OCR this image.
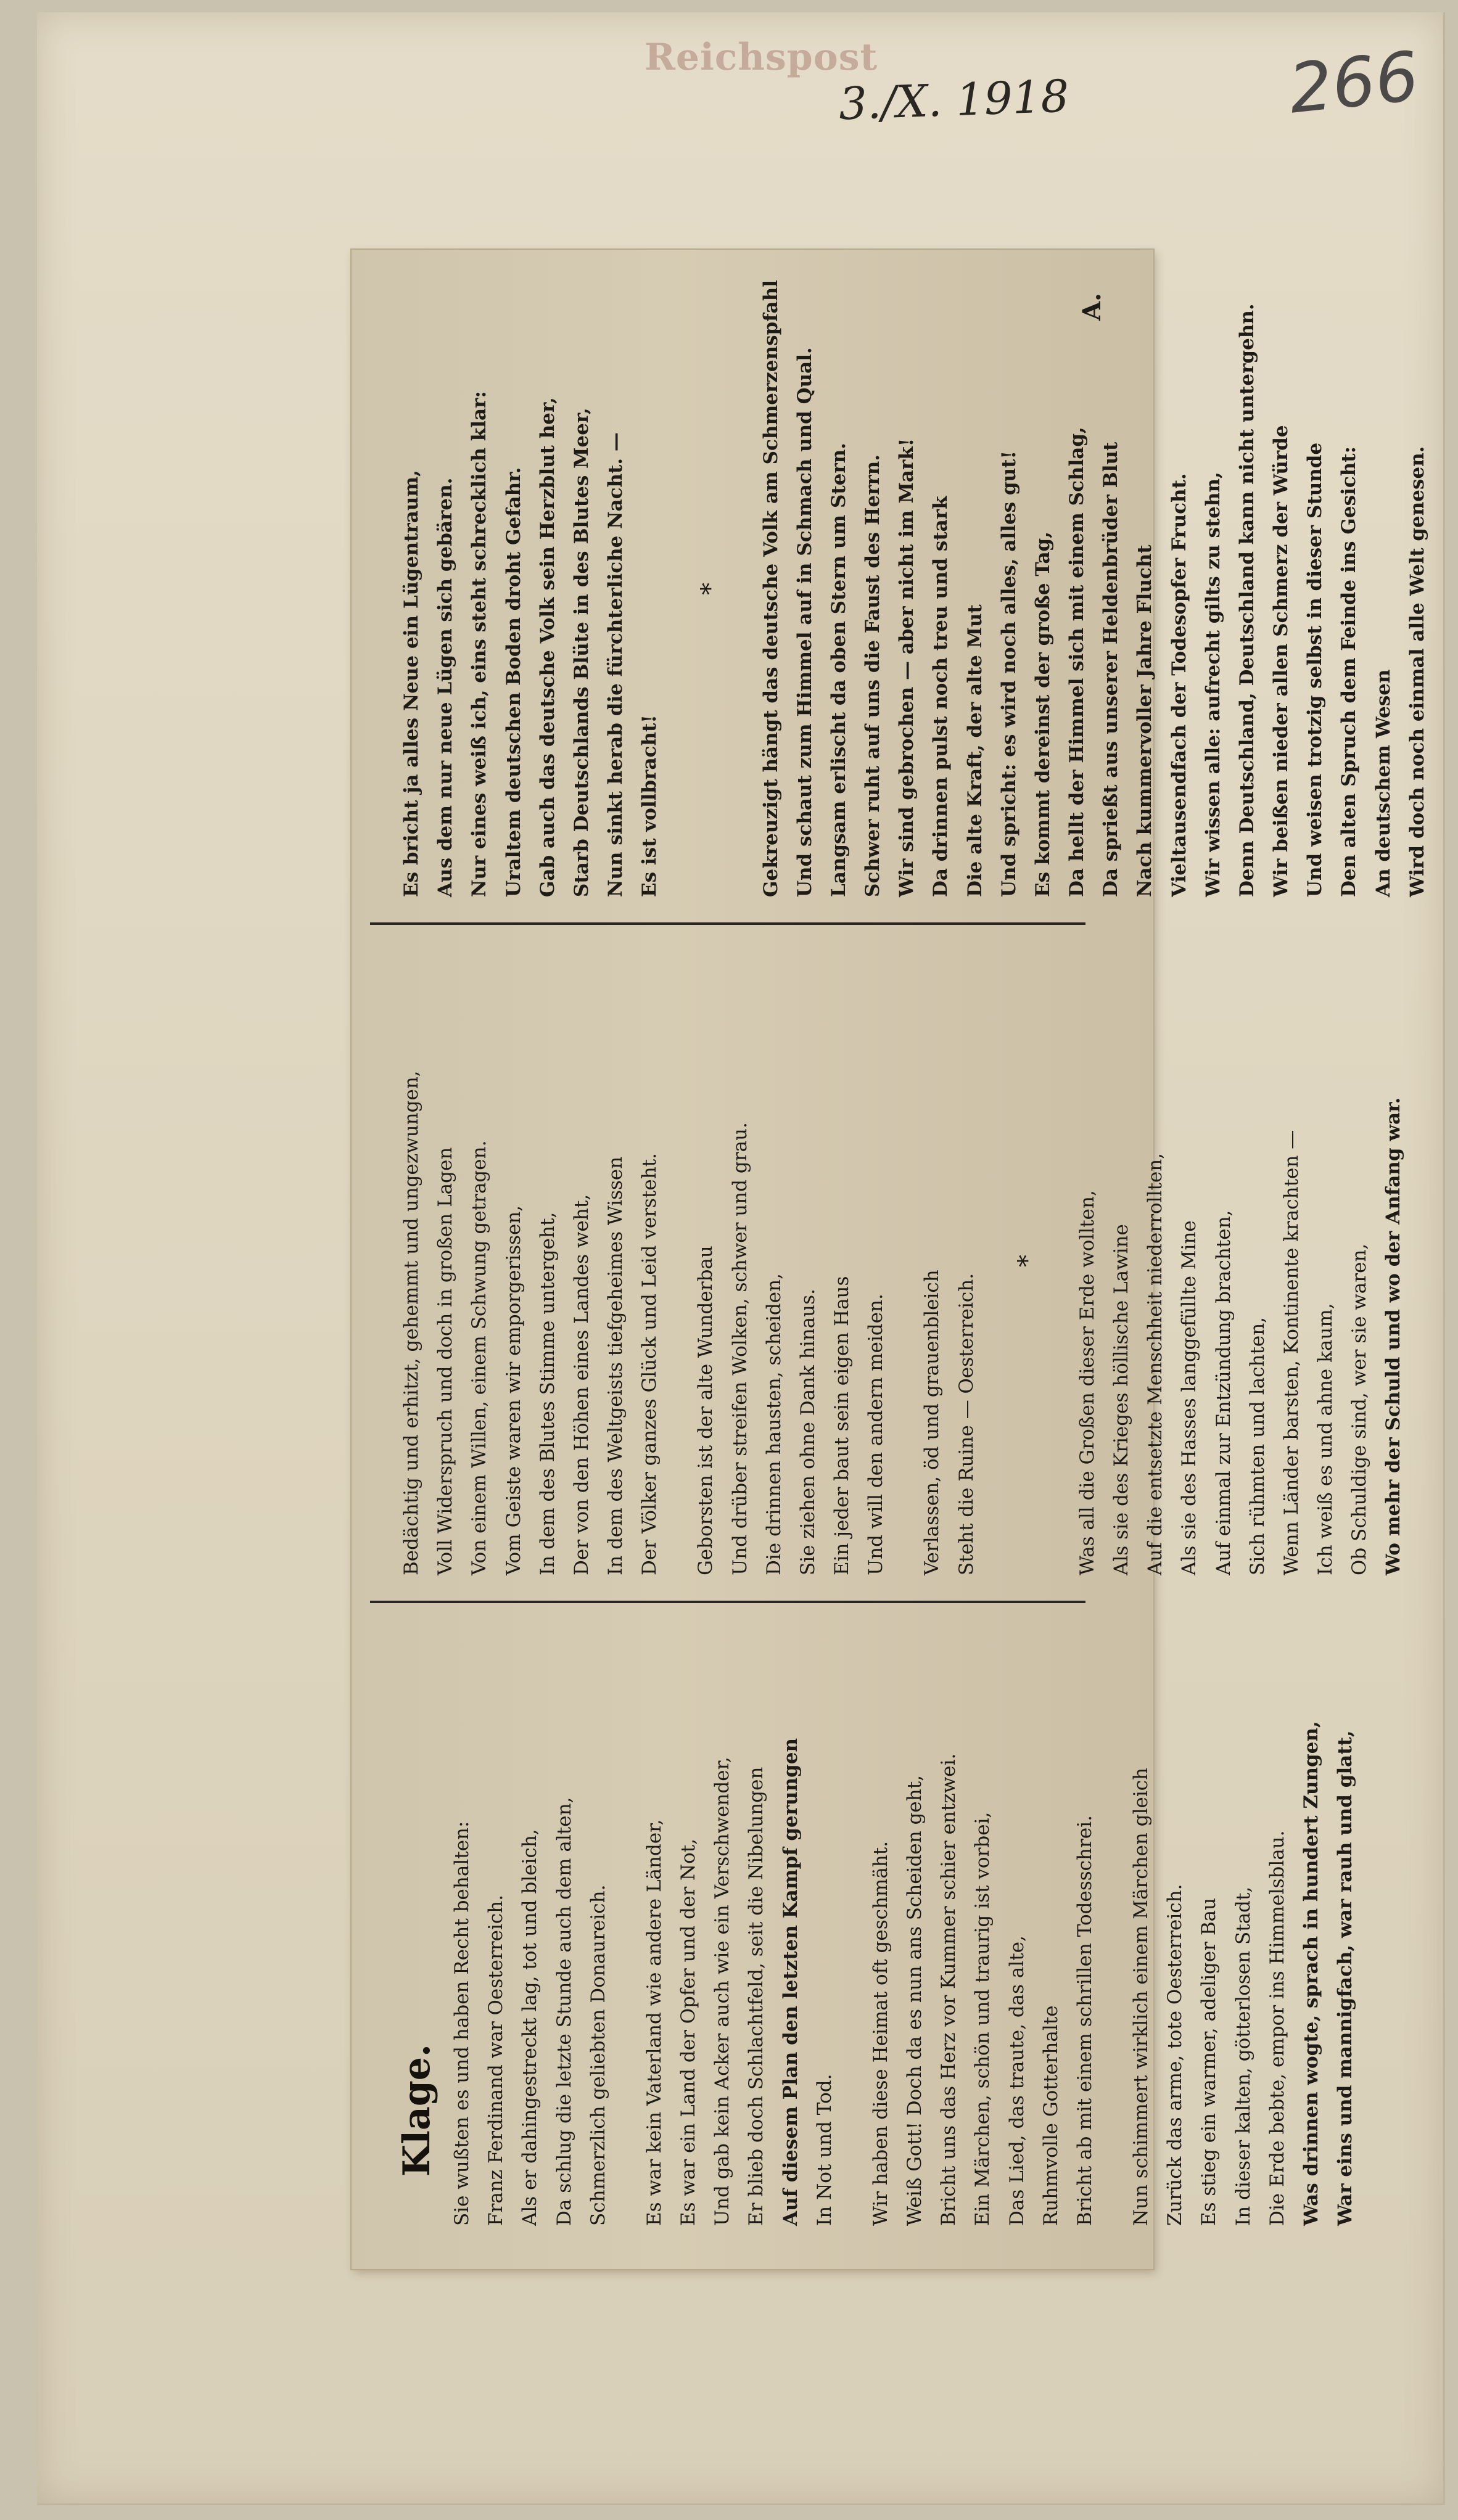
Reichspost
3./X. 1918	266
Klage. Sie wußten es und haben Recht behalten: Franz Ferdinand war Oesterreich. Als er dahingestreckt lag, tot und bleich, Da schlug die letzte Stunde auch dem alten, Schmerzlich geliebten Donaureich.	Es war kein Vaterland wie andere Länder, Es war ein Land der Opfer und der Not, Und gab kein Acker auch wie ein Verschwender, Er blieb doch Schlachtfeld, seit die Nibelungen Auf diesem Plan den letzten Kampf gerungen In Not und Tod.	Wir haben diese Heimat oft geschmäht. Weiß Gott! Doch da es nun ans Scheiden geht, Bricht uns das Herz vor Kummer schier entzwei. Ein Märchen, schön und traurig ist vorbei, Das Lied, das traute, das alte, Ruhmvolle Gotterhalte Bricht ab mit einem schrillen Todesschrei.	Nun schimmert wirklich einem Märchen gleich Zurück das arme, tote Oesterreich. Es stieg ein warmer, adeliger Bau In dieser kalten, götterlosen Stadt, Die Erde bebte, empor ins Himmelsblau. Was drinnen wogte, sprach in hundert Zungen, War eins und mannigfach, war rauh und glatt,
Bedächtig und erhitzt, gehemmt und ungezwungen, Voll Widerspruch und doch in großen Lagen Von einem Willen, einem Schwung getragen. Vom Geiste waren wir emporgerissen, In dem des Blutes Stimme untergeht, Der von den Höhen eines Landes weht, In dem des Weltgeists tiefgeheimes Wissen Der Völker ganzes Glück und Leid versteht.	Geborsten ist der alte Wunderbau Und drüber streifen Wolken, schwer und grau. Die drinnen hausten, scheiden, Sie ziehen ohne Dank hinaus. Ein jeder baut sein eigen Haus Und will den andern meiden.	Verlassen, öd und grauenbleich Steht die Ruine — Oesterreich.
*	Was all die Großen dieser Erde wollten, Als sie des Krieges höllische Lawine Auf die entsetzte Menschheit niederrollten, Als sie des Hasses langgefüllte Mine Auf einmal zur Entzündung brachten, Sich rühmten und lachten, Wenn Länder barsten, Kontinente krachten — Ich weiß es und ahne kaum, Ob Schuldige sind, wer sie waren, Wo mehr der Schuld und wo der Anfang war.
Es bricht ja alles Neue ein Lügentraum, Aus dem nur neue Lügen sich gebären. Nur eines weiß ich, eins steht schrecklich klar: Uraltem deutschen Boden droht Gefahr. Gab auch das deutsche Volk sein Herzblut her, Starb Deutschlands Blüte in des Blutes Meer, Nun sinkt herab die fürchterliche Nacht. — Es ist vollbracht!
*	Gekreuzigt hängt das deutsche Volk am Schmerzenspfahl Und schaut zum Himmel auf in Schmach und Qual. Langsam erlischt da oben Stern um Stern. Schwer ruht auf uns die Faust des Herrn. Wir sind gebrochen — aber nicht im Mark! Da drinnen pulst noch treu und stark Die alte Kraft, der alte Mut Und spricht: es wird noch alles, alles gut! Es kommt dereinst der große Tag, Da hellt der Himmel sich mit einem Schlag, Da sprießt aus unserer Heldenbrüder Blut Nach kummervoller Jahre Flucht Vieltausendfach der Todesopfer Frucht. Wir wissen alle: aufrecht gilts zu stehn, Denn Deutschland, Deutschland kann nicht untergehn. Wir beißen nieder allen Schmerz der Würde Und weisen trotzig selbst in dieser Stunde Den alten Spruch dem Feinde ins Gesicht: An deutschem Wesen Wird doch noch einmal alle Welt genesen.
A.
